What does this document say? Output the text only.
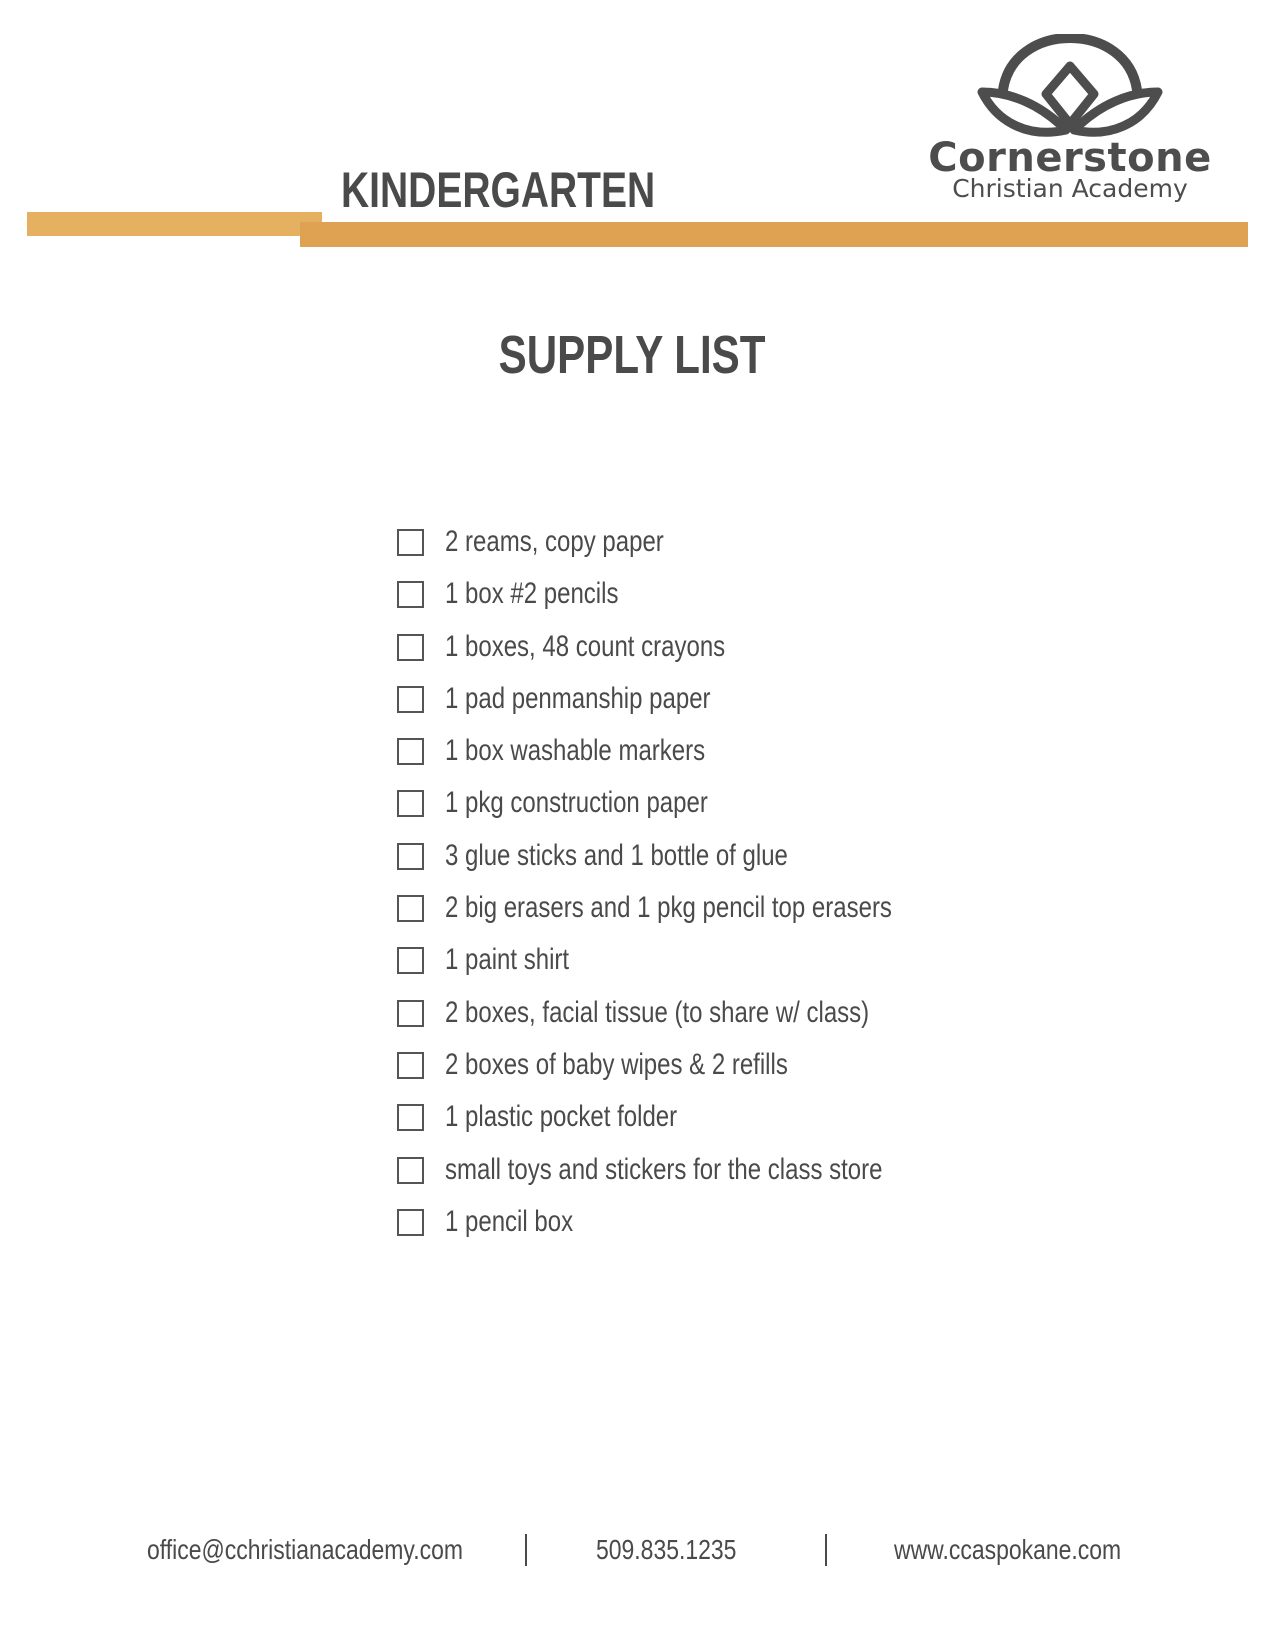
KINDERGARTEN
Cornerstone
Christian Academy
SUPPLY LIST
2 reams, copy paper
1 box #2 pencils
1 boxes, 48 count crayons
1 pad penmanship paper
1 box washable markers
1 pkg construction paper
3 glue sticks and 1 bottle of glue
2 big erasers and 1 pkg pencil top erasers
1 paint shirt
2 boxes, facial tissue (to share w/ class)
2 boxes of baby wipes & 2 refills
1 plastic pocket folder
small toys and stickers for the class store
1 pencil box
office@cchristianacademy.com	509.835.1235	www.ccaspokane.com
